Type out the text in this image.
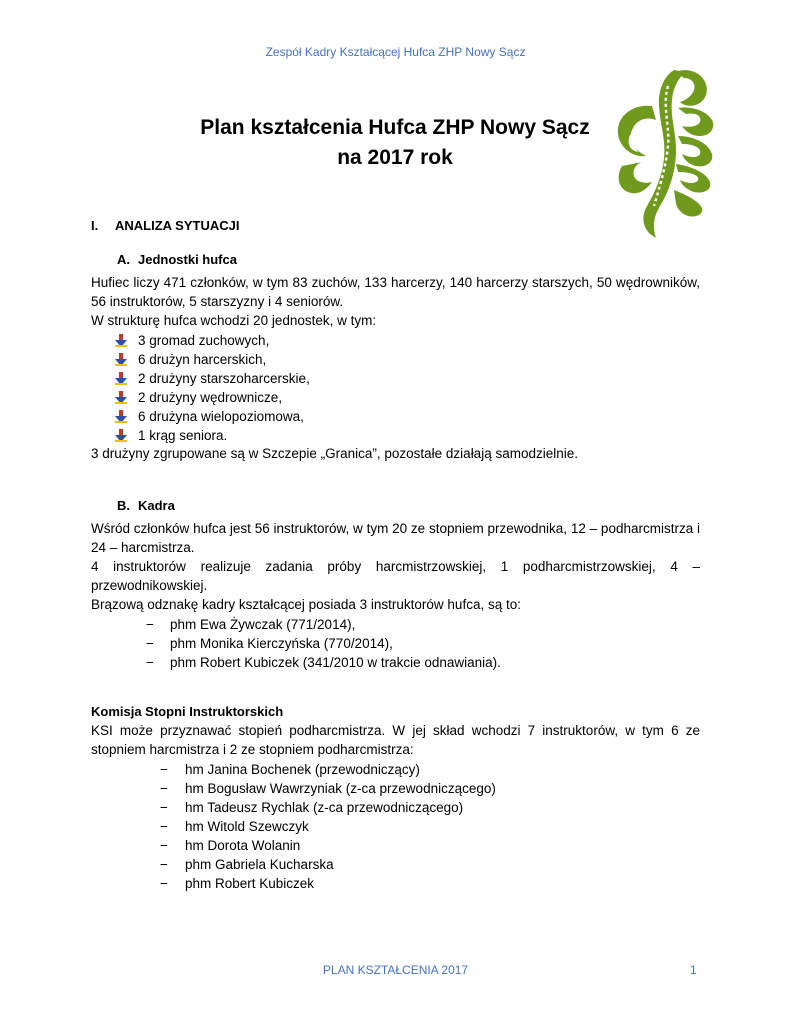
Zespół Kadry Kształcącej Hufca ZHP Nowy Sącz
Plan kształcenia Hufca ZHP Nowy Sącz
na 2017 rok
I. ANALIZA SYTUACJI
A. Jednostki hufca
Hufiec liczy 471 członków, w tym 83 zuchów, 133 harcerzy, 140 harcerzy starszych, 50 wędrowników, 56 instruktorów, 5 starszyzny i 4 seniorów.
W strukturę hufca wchodzi 20 jednostek, w tym:
3 gromad zuchowych,
6 drużyn harcerskich,
2 drużyny starszoharcerskie,
2 drużyny wędrownicze,
6 drużyna wielopoziomowa,
1 krąg seniora.
3 drużyny zgrupowane są w Szczepie „Granica”, pozostałe działają samodzielnie.
B. Kadra
Wśród członków hufca jest 56 instruktorów, w tym 20 ze stopniem przewodnika, 12 – podharcmistrza i 24 – harcmistrza.
4 instruktorów realizuje zadania próby harcmistrzowskiej, 1 podharcmistrzowskiej, 4 – przewodnikowskiej.
Brązową odznakę kadry kształcącej posiada 3 instruktorów hufca, są to:
−	phm Ewa Żywczak (771/2014),
−	phm Monika Kierczyńska (770/2014),
−	phm Robert Kubiczek (341/2010 w trakcie odnawiania).
Komisja Stopni Instruktorskich
KSI może przyznawać stopień podharcmistrza. W jej skład wchodzi 7 instruktorów, w tym 6 ze stopniem harcmistrza i 2 ze stopniem podharcmistrza:
−	hm Janina Bochenek (przewodniczący)
−	hm Bogusław Wawrzyniak (z-ca przewodniczącego)
−	hm Tadeusz Rychlak (z-ca przewodniczącego)
−	hm Witold Szewczyk
−	hm Dorota Wolanin
−	phm Gabriela Kucharska
−	phm Robert Kubiczek
PLAN KSZTAŁCENIA 2017	1
